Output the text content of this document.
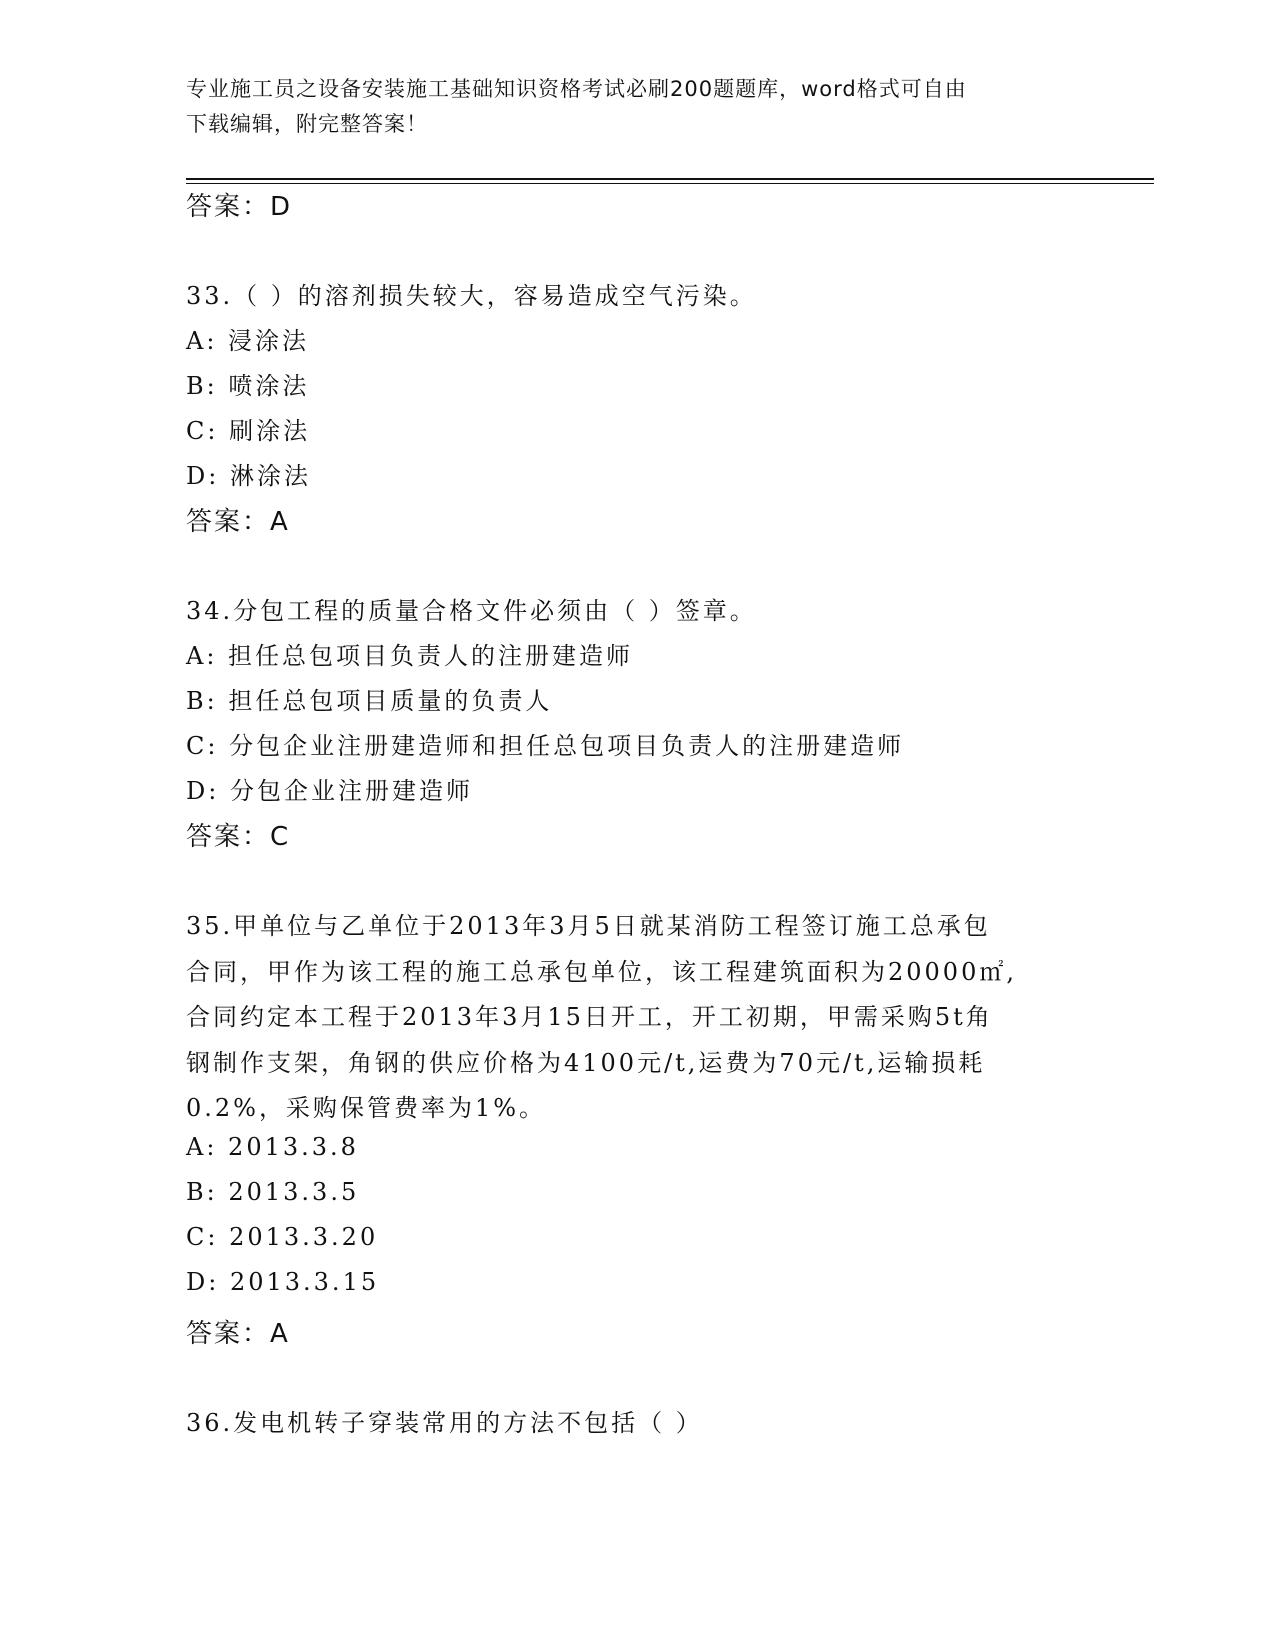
专业施工员之设备安装施工基础知识资格考试必刷200题题库，word格式可自由
下载编辑，附完整答案！
答案：D
33.（ ）的溶剂损失较大，容易造成空气污染。
A: 浸涂法
B: 喷涂法
C: 刷涂法
D: 淋涂法
答案：A
34.分包工程的质量合格文件必须由（ ）签章。
A: 担任总包项目负责人的注册建造师
B: 担任总包项目质量的负责人
C: 分包企业注册建造师和担任总包项目负责人的注册建造师
D: 分包企业注册建造师
答案：C
35.甲单位与乙单位于2013年3月5日就某消防工程签订施工总承包
合同，甲作为该工程的施工总承包单位，该工程建筑面积为20000㎡,
合同约定本工程于2013年3月15日开工，开工初期，甲需采购5t角
钢制作支架，角钢的供应价格为4100元/t,运费为70元/t,运输损耗
0.2%，采购保管费率为1%。
A: 2013.3.8
B: 2013.3.5
C: 2013.3.20
D: 2013.3.15
答案：A
36.发电机转子穿装常用的方法不包括（ ）
